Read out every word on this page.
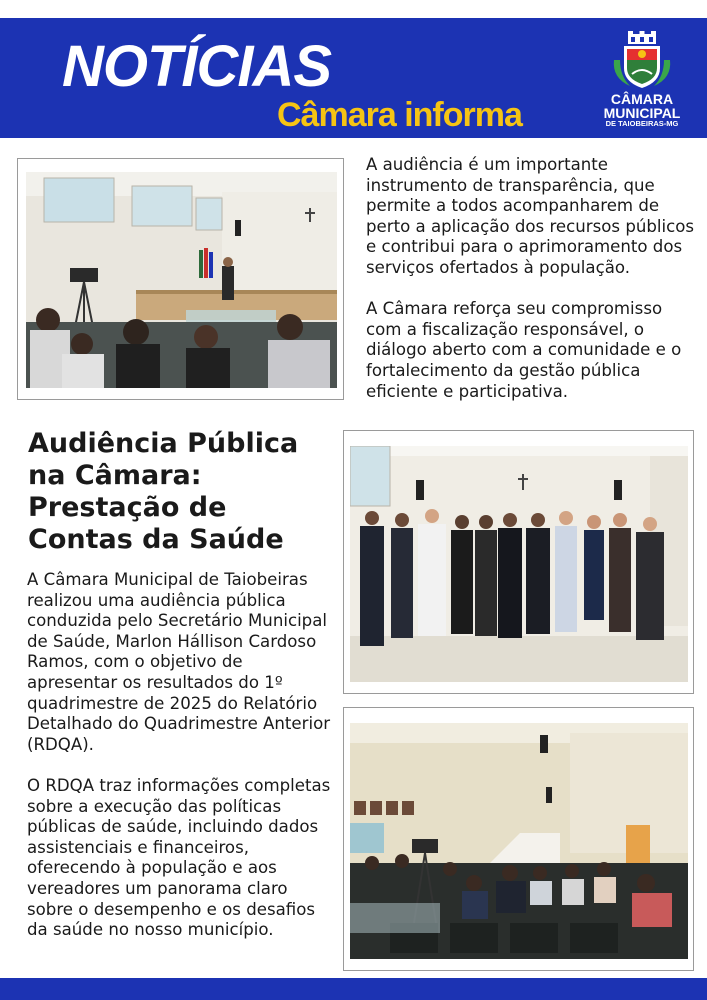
NOTÍCIAS
Câmara informa	CÂMARA
MUNICIPAL
DE TAIOBEIRAS-MG

A audiência é um importante instrumento de transparência, que permite a todos acompanharem de perto a aplicação dos recursos públicos e contribui para o aprimoramento dos serviços ofertados à população.

A Câmara reforça seu compromisso com a fiscalização responsável, o diálogo aberto com a comunidade e o fortalecimento da gestão pública eficiente e participativa.

Audiência Pública na Câmara: Prestação de Contas da Saúde

A Câmara Municipal de Taiobeiras realizou uma audiência pública conduzida pelo Secretário Municipal de Saúde, Marlon Hállison Cardoso Ramos, com o objetivo de apresentar os resultados do 1º quadrimestre de 2025 do Relatório Detalhado do Quadrimestre Anterior (RDQA).

O RDQA traz informações completas sobre a execução das políticas públicas de saúde, incluindo dados assistenciais e financeiros, oferecendo à população e aos vereadores um panorama claro sobre o desempenho e os desafios da saúde no nosso município.
